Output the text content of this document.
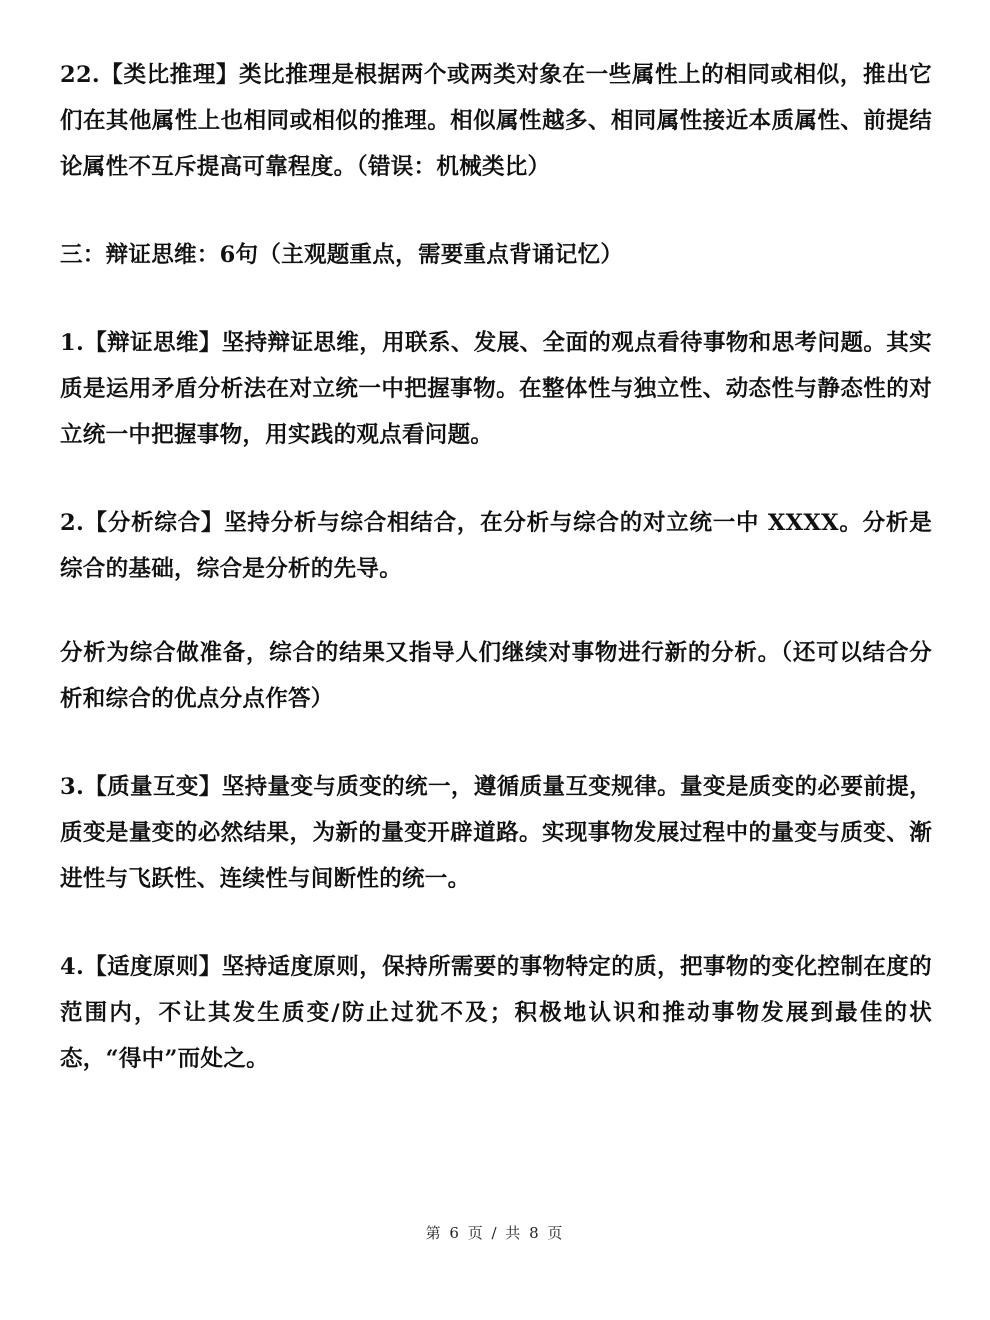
22.【类比推理】类比推理是根据两个或两类对象在一些属性上的相同或相似，推出它们在其他属性上也相同或相似的推理。相似属性越多、相同属性接近本质属性、前提结论属性不互斥提高可靠程度。（错误：机械类比）

三：辩证思维：6句（主观题重点，需要重点背诵记忆）

1.【辩证思维】坚持辩证思维，用联系、发展、全面的观点看待事物和思考问题。其实质是运用矛盾分析法在对立统一中把握事物。在整体性与独立性、动态性与静态性的对立统一中把握事物，用实践的观点看问题。

2.【分析综合】坚持分析与综合相结合，在分析与综合的对立统一中 XXXX。分析是综合的基础，综合是分析的先导。

分析为综合做准备，综合的结果又指导人们继续对事物进行新的分析。（还可以结合分析和综合的优点分点作答）

3.【质量互变】坚持量变与质变的统一，遵循质量互变规律。量变是质变的必要前提，质变是量变的必然结果，为新的量变开辟道路。实现事物发展过程中的量变与质变、渐进性与飞跃性、连续性与间断性的统一。

4.【适度原则】坚持适度原则，保持所需要的事物特定的质，把事物的变化控制在度的范围内，不让其发生质变/防止过犹不及；积极地认识和推动事物发展到最佳的状态，“得中”而处之。

第 6 页 / 共 8 页
